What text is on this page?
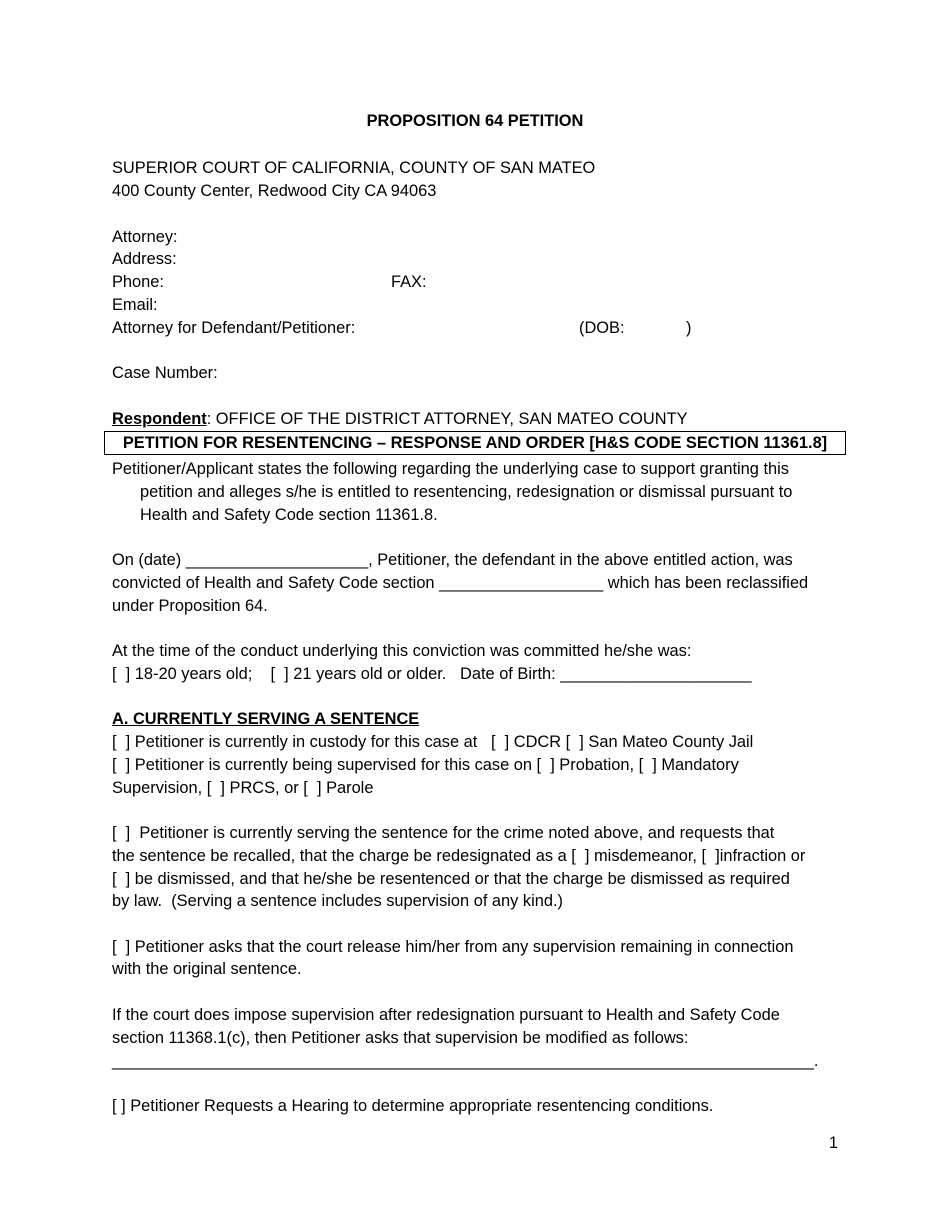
PROPOSITION 64 PETITION
SUPERIOR COURT OF CALIFORNIA, COUNTY OF SAN MATEO
400 County Center, Redwood City CA 94063
Attorney:
Address:
Phone:	FAX:
Email:
Attorney for Defendant/Petitioner:	(DOB:	)
Case Number:
Respondent: OFFICE OF THE DISTRICT ATTORNEY, SAN MATEO COUNTY
PETITION FOR RESENTENCING – RESPONSE AND ORDER [H&S CODE SECTION 11361.8]
Petitioner/Applicant states the following regarding the underlying case to support granting this
petition and alleges s/he is entitled to resentencing, redesignation or dismissal pursuant to
Health and Safety Code section 11361.8.
On (date) ____________________, Petitioner, the defendant in the above entitled action, was
convicted of Health and Safety Code section __________________ which has been reclassified
under Proposition 64.
At the time of the conduct underlying this conviction was committed he/she was:
[  ] 18-20 years old;    [  ] 21 years old or older.   Date of Birth: _____________________
A. CURRENTLY SERVING A SENTENCE
[  ] Petitioner is currently in custody for this case at   [  ] CDCR [  ] San Mateo County Jail
[  ] Petitioner is currently being supervised for this case on [  ] Probation, [  ] Mandatory
Supervision, [  ] PRCS, or [  ] Parole
[  ]  Petitioner is currently serving the sentence for the crime noted above, and requests that
the sentence be recalled, that the charge be redesignated as a [  ] misdemeanor, [  ]infraction or
[  ] be dismissed, and that he/she be resentenced or that the charge be dismissed as required
by law.  (Serving a sentence includes supervision of any kind.)
[  ] Petitioner asks that the court release him/her from any supervision remaining in connection
with the original sentence.
If the court does impose supervision after redesignation pursuant to Health and Safety Code
section 11368.1(c), then Petitioner asks that supervision be modified as follows:
_____________________________________________________________________________.
[ ] Petitioner Requests a Hearing to determine appropriate resentencing conditions.
1
